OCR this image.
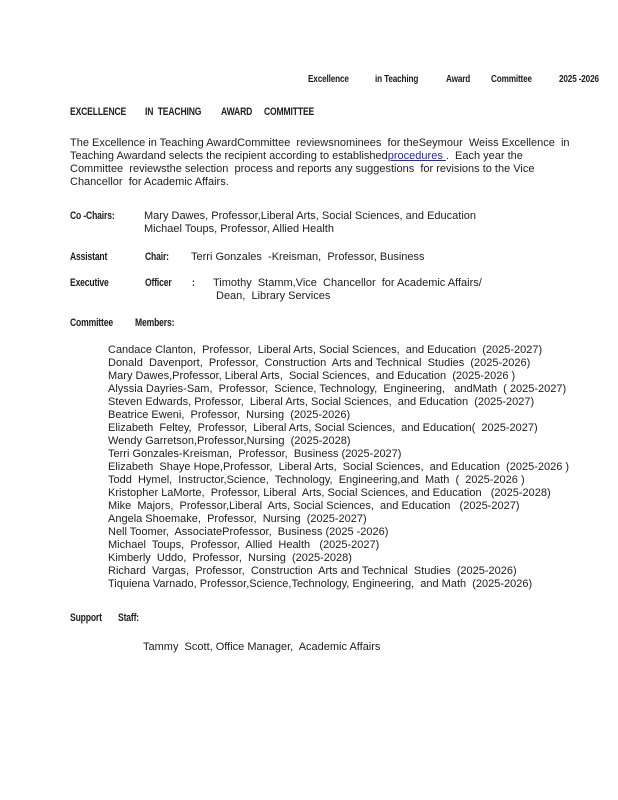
Excellence	in Teaching	Award Committee	2025 -2026
EXCELLENCE IN  TEACHING AWARD COMMITTEE
The Excellence in Teaching AwardCommittee  reviewsnominees  for theSeymour  Weiss Excellence  in
Teaching Awardand selects the recipient according to establishedprocedures .  Each year the
Committee  reviewsthe selection  process and reports any suggestions  for revisions to the Vice
Chancellor  for Academic Affairs.
Co -Chairs:	Mary Dawes, Professor,Liberal Arts, Social Sciences, and Education
Michael Toups, Professor, Allied Health
Assistant	Chair:	Terri Gonzales  -Kreisman,  Professor, Business
Executive	Officer	:	Timothy  Stamm,Vice  Chancellor  for Academic Affairs/
Dean,  Library Services
Committee	Members:
Candace Clanton,  Professor,  Liberal Arts, Social Sciences,  and Education  (2025-2027)
Donald  Davenport,  Professor,  Construction  Arts and Technical  Studies  (2025-2026)
Mary Dawes,Professor, Liberal Arts,  Social Sciences,  and Education  (2025-2026 )
Alyssia Dayries-Sam,  Professor,  Science, Technology,  Engineering,   andMath  ( 2025-2027)
Steven Edwards, Professor,  Liberal Arts, Social Sciences,  and Education  (2025-2027)
Beatrice Eweni,  Professor,  Nursing  (2025-2026)
Elizabeth  Feltey,  Professor,  Liberal Arts, Social Sciences,  and Education(  2025-2027)
Wendy Garretson,Professor,Nursing  (2025-2028)
Terri Gonzales-Kreisman,  Professor,  Business (2025-2027)
Elizabeth  Shaye Hope,Professor,  Liberal Arts,  Social Sciences,  and Education  (2025-2026 )
Todd  Hymel,  Instructor,Science,  Technology,  Engineering,and  Math  (  2025-2026 )
Kristopher LaMorte,  Professor, Liberal  Arts, Social Sciences, and Education   (2025-2028)
Mike  Majors,  Professor,Liberal  Arts, Social Sciences,  and Education   (2025-2027)
Angela Shoemake,  Professor,  Nursing  (2025-2027)
Nell Toomer,  AssociateProfessor,  Business (2025 -2026)
Michael  Toups,  Professor,  Allied  Health   (2025-2027)
Kimberly  Uddo,  Professor,  Nursing  (2025-2028)
Richard  Vargas,  Professor,  Construction  Arts and Technical  Studies  (2025-2026)
Tiquiena Varnado, Professor,Science,Technology, Engineering,  and Math  (2025-2026)
Support	Staff:
Tammy  Scott, Office Manager,  Academic Affairs
